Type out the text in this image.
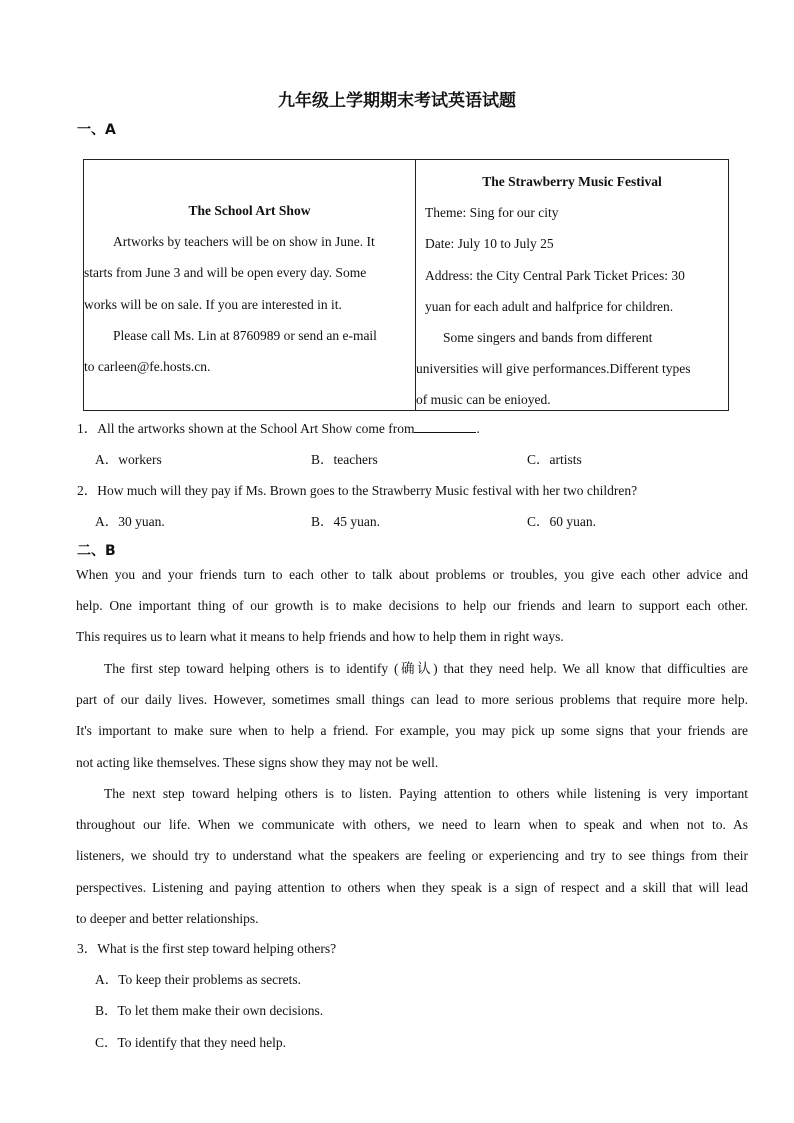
九年级上学期期末考试英语试题
一、A
The School Art Show
Artworks by teachers will be on show in June. It
starts from June 3 and will be open every day. Some
works will be on sale. If you are interested in it.
Please call Ms. Lin at 8760989 or send an e-mail
to carleen@fe.hosts.cn.
The Strawberry Music Festival
Theme: Sing for our city
Date: July 10 to July 25
Address: the City Central Park Ticket Prices: 30
yuan for each adult and halfprice for children.
Some singers and bands from different
universities will give performances.Different types
of music can be enioyed.
1．All the artworks shown at the School Art Show come from	.
A．workers	B．teachers	C．artists
2．How much will they pay if Ms. Brown goes to the Strawberry Music festival with her two children?
A．30 yuan.	B．45 yuan.	C．60 yuan.
二、B
When you and your friends turn to each other to talk about problems or troubles, you give each other advice and
help. One important thing of our growth is to make decisions to help our friends and learn to support each other.
This requires us to learn what it means to help friends and how to help them in right ways.
The first step toward helping others is to identify (确认) that they need help. We all know that difficulties are
part of our daily lives. However, sometimes small things can lead to more serious problems that require more help.
It's important to make sure when to help a friend. For example, you may pick up some signs that your friends are
not acting like themselves. These signs show they may not be well.
The next step toward helping others is to listen. Paying attention to others while listening is very important
throughout our life. When we communicate with others, we need to learn when to speak and when not to. As
listeners, we should try to understand what the speakers are feeling or experiencing and try to see things from their
perspectives. Listening and paying attention to others when they speak is a sign of respect and a skill that will lead
to deeper and better relationships.
3．What is the first step toward helping others?
A．To keep their problems as secrets.
B．To let them make their own decisions.
C．To identify that they need help.
